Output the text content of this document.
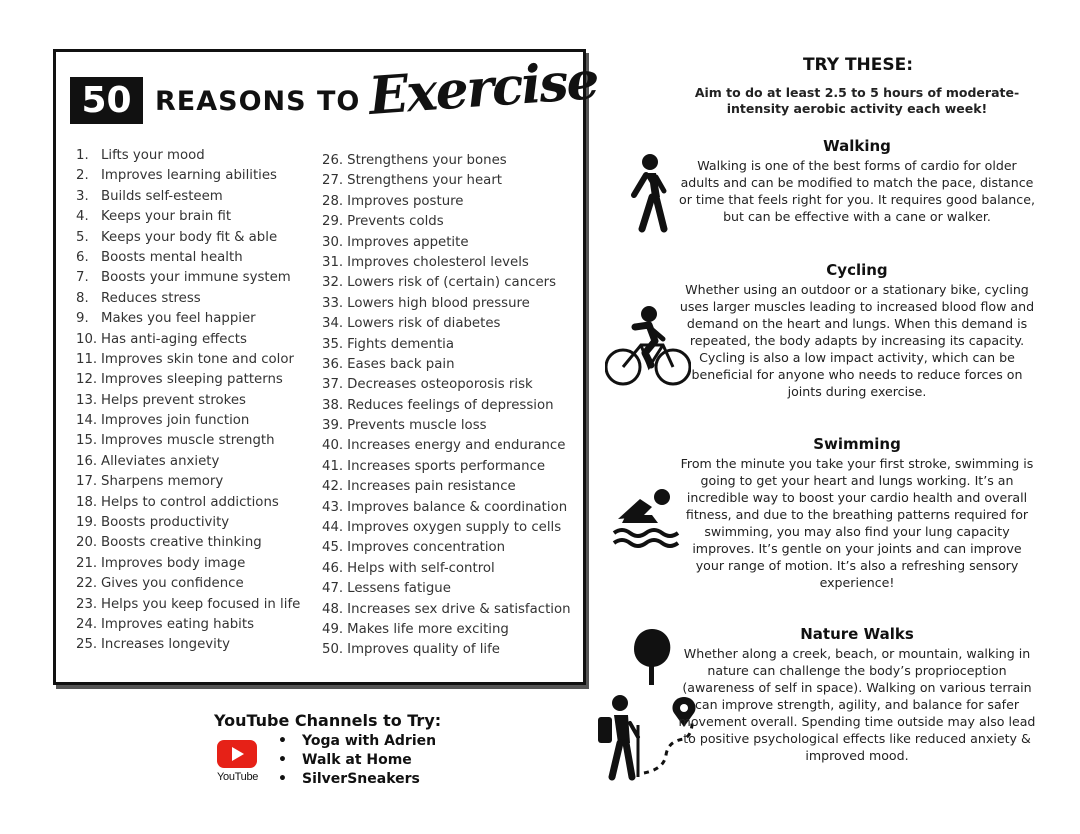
50 REASONS TO Exercise
1. Lifts your mood
2. Improves learning abilities
3. Builds self-esteem
4. Keeps your brain fit
5. Keeps your body fit & able
6. Boosts mental health
7. Boosts your immune system
8. Reduces stress
9. Makes you feel happier
10. Has anti-aging effects
11. Improves skin tone and color
12. Improves sleeping patterns
13. Helps prevent strokes
14. Improves join function
15. Improves muscle strength
16. Alleviates anxiety
17. Sharpens memory
18. Helps to control addictions
19. Boosts productivity
20. Boosts creative thinking
21. Improves body image
22. Gives you confidence
23. Helps you keep focused in life
24. Improves eating habits
25. Increases longevity
26. Strengthens your bones
27. Strengthens your heart
28. Improves posture
29. Prevents colds
30. Improves appetite
31. Improves cholesterol levels
32. Lowers risk of (certain) cancers
33. Lowers high blood pressure
34. Lowers risk of diabetes
35. Fights dementia
36. Eases back pain
37. Decreases osteoporosis risk
38. Reduces feelings of depression
39. Prevents muscle loss
40. Increases energy and endurance
41. Increases sports performance
42. Increases pain resistance
43. Improves balance & coordination
44. Improves oxygen supply to cells
45. Improves concentration
46. Helps with self-control
47. Lessens fatigue
48. Increases sex drive & satisfaction
49. Makes life more exciting
50. Improves quality of life
TRY THESE:
Aim to do at least 2.5 to 5 hours of moderate-intensity aerobic activity each week!
Walking
Walking is one of the best forms of cardio for older adults and can be modified to match the pace, distance or time that feels right for you. It requires good balance, but can be effective with a cane or walker.
Cycling
Whether using an outdoor or a stationary bike, cycling uses larger muscles leading to increased blood flow and demand on the heart and lungs. When this demand is repeated, the body adapts by increasing its capacity. Cycling is also a low impact activity, which can be beneficial for anyone who needs to reduce forces on joints during exercise.
Swimming
From the minute you take your first stroke, swimming is going to get your heart and lungs working. It’s an incredible way to boost your cardio health and overall fitness, and due to the breathing patterns required for swimming, you may also find your lung capacity improves. It’s gentle on your joints and can improve your range of motion. It’s also a refreshing sensory experience!
Nature Walks
Whether along a creek, beach, or mountain, walking in nature can challenge the body’s proprioception (awareness of self in space). Walking on various terrain can improve strength, agility, and balance for safer movement overall. Spending time outside may also lead to positive psychological effects like reduced anxiety & improved mood.
YouTube Channels to Try:
YouTube
• Yoga with Adrien
• Walk at Home
• SilverSneakers
